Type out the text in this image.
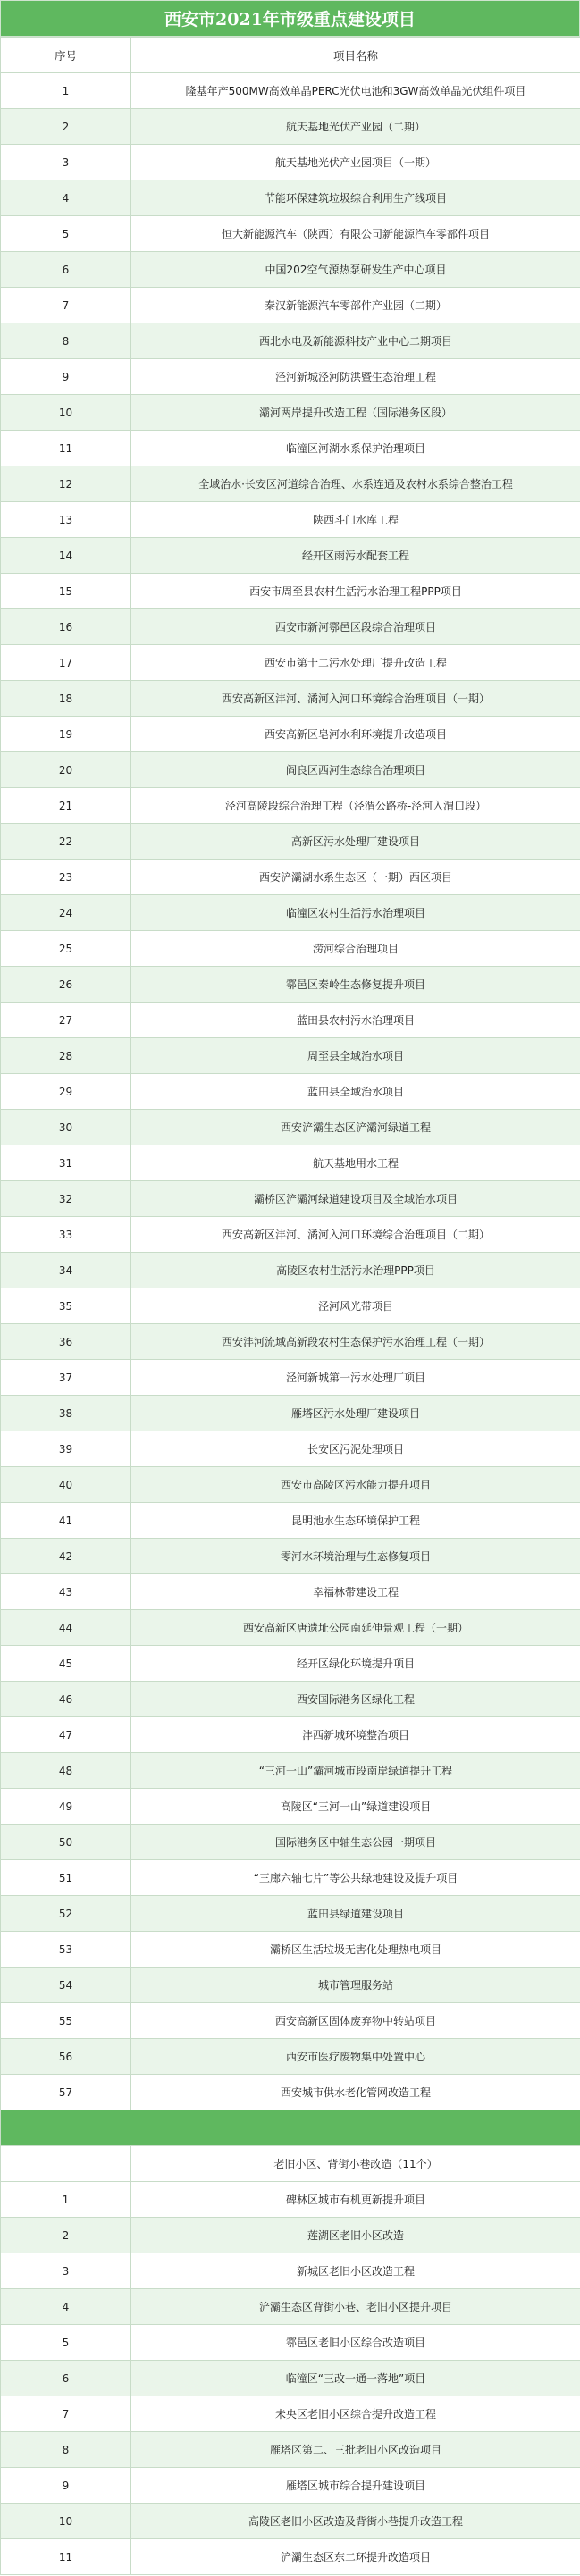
西安市2021年市级重点建设项目
序号	项目名称
1	隆基年产500MW高效单晶PERC光伏电池和3GW高效单晶光伏组件项目
2	航天基地光伏产业园（二期）
3	航天基地光伏产业园项目（一期）
4	节能环保建筑垃圾综合利用生产线项目
5	恒大新能源汽车（陕西）有限公司新能源汽车零部件项目
6	中国202空气源热泵研发生产中心项目
7	秦汉新能源汽车零部件产业园（二期）
8	西北水电及新能源科技产业中心二期项目
9	泾河新城泾河防洪暨生态治理工程
10	灞河两岸提升改造工程（国际港务区段）
11	临潼区河湖水系保护治理项目
12	全域治水·长安区河道综合治理、水系连通及农村水系综合整治工程
13	陕西斗门水库工程
14	经开区雨污水配套工程
15	西安市周至县农村生活污水治理工程PPP项目
16	西安市新河鄠邑区段综合治理项目
17	西安市第十二污水处理厂提升改造工程
18	西安高新区沣河、潏河入河口环境综合治理项目（一期）
19	西安高新区皂河水利环境提升改造项目
20	阎良区西河生态综合治理项目
21	泾河高陵段综合治理工程（泾渭公路桥-泾河入渭口段）
22	高新区污水处理厂建设项目
23	西安浐灞湖水系生态区（一期）西区项目
24	临潼区农村生活污水治理项目
25	涝河综合治理项目
26	鄠邑区秦岭生态修复提升项目
27	蓝田县农村污水治理项目
28	周至县全域治水项目
29	蓝田县全域治水项目
30	西安浐灞生态区浐灞河绿道工程
31	航天基地用水工程
32	灞桥区浐灞河绿道建设项目及全域治水项目
33	西安高新区沣河、潏河入河口环境综合治理项目（二期）
34	高陵区农村生活污水治理PPP项目
35	泾河风光带项目
36	西安沣河流域高新段农村生态保护污水治理工程（一期）
37	泾河新城第一污水处理厂项目
38	雁塔区污水处理厂建设项目
39	长安区污泥处理项目
40	西安市高陵区污水能力提升项目
41	昆明池水生态环境保护工程
42	零河水环境治理与生态修复项目
43	幸福林带建设工程
44	西安高新区唐遗址公园南延伸景观工程（一期）
45	经开区绿化环境提升项目
46	西安国际港务区绿化工程
47	沣西新城环境整治项目
48	“三河一山”灞河城市段南岸绿道提升工程
49	高陵区“三河一山”绿道建设项目
50	国际港务区中轴生态公园一期项目
51	“三廊六轴七片”等公共绿地建设及提升项目
52	蓝田县绿道建设项目
53	灞桥区生活垃圾无害化处理热电项目
54	城市管理服务站
55	西安高新区固体废弃物中转站项目
56	西安市医疗废物集中处置中心
57	西安城市供水老化管网改造工程

	老旧小区、背街小巷改造（11个）
1	碑林区城市有机更新提升项目
2	莲湖区老旧小区改造
3	新城区老旧小区改造工程
4	浐灞生态区背街小巷、老旧小区提升项目
5	鄠邑区老旧小区综合改造项目
6	临潼区“三改一通一落地”项目
7	未央区老旧小区综合提升改造工程
8	雁塔区第二、三批老旧小区改造项目
9	雁塔区城市综合提升建设项目
10	高陵区老旧小区改造及背街小巷提升改造工程
11	浐灞生态区东二环提升改造项目
